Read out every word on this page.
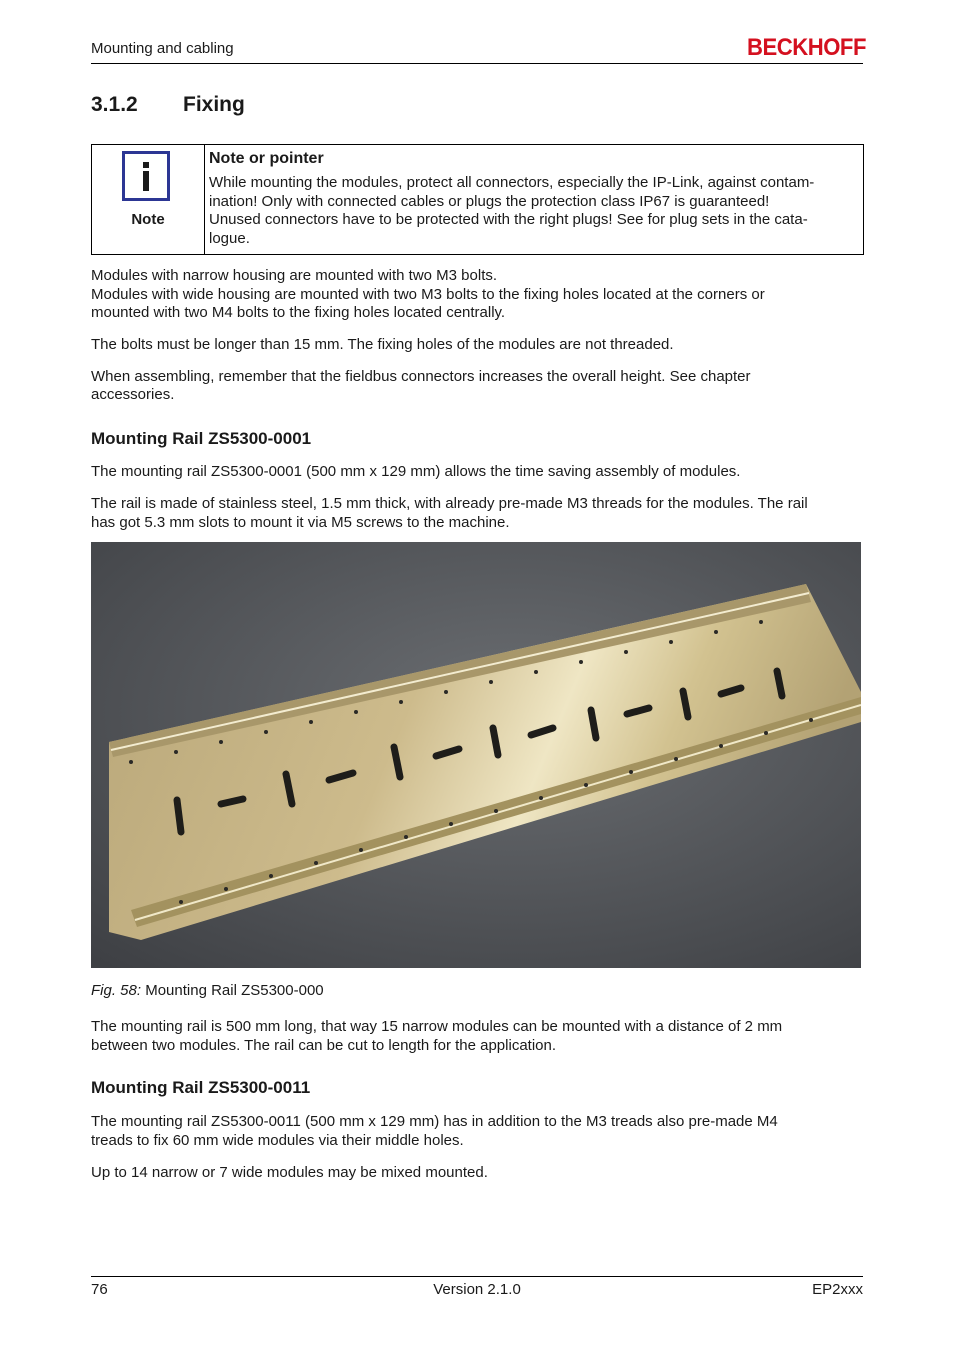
Mounting and cabling	BECKHOFF
3.1.2 Fixing
Note
Note or pointer
While mounting the modules, protect all connectors, especially the IP-Link, against contam-
ination! Only with connected cables or plugs the protection class IP67 is guaranteed!
Unused connectors have to be protected with the right plugs! See for plug sets in the cata-
logue.
Modules with narrow housing are mounted with two M3 bolts.
Modules with wide housing are mounted with two M3 bolts to the fixing holes located at the corners or
mounted with two M4 bolts to the fixing holes located centrally.
The bolts must be longer than 15 mm. The fixing holes of the modules are not threaded.
When assembling, remember that the fieldbus connectors increases the overall height. See chapter
accessories.
Mounting Rail ZS5300-0001
The mounting rail ZS5300-0001 (500 mm x 129 mm) allows the time saving assembly of modules.
The rail is made of stainless steel, 1.5 mm thick, with already pre-made M3 threads for the modules. The rail
has got 5.3 mm slots to mount it via M5 screws to the machine.
Fig. 58: Mounting Rail ZS5300-000
The mounting rail is 500 mm long, that way 15 narrow modules can be mounted with a distance of 2 mm
between two modules. The rail can be cut to length for the application.
Mounting Rail ZS5300-0011
The mounting rail ZS5300-0011 (500 mm x 129 mm) has in addition to the M3 treads also pre-made M4
treads to fix 60 mm wide modules via their middle holes.
Up to 14 narrow or 7 wide modules may be mixed mounted.
76	Version 2.1.0	EP2xxx
